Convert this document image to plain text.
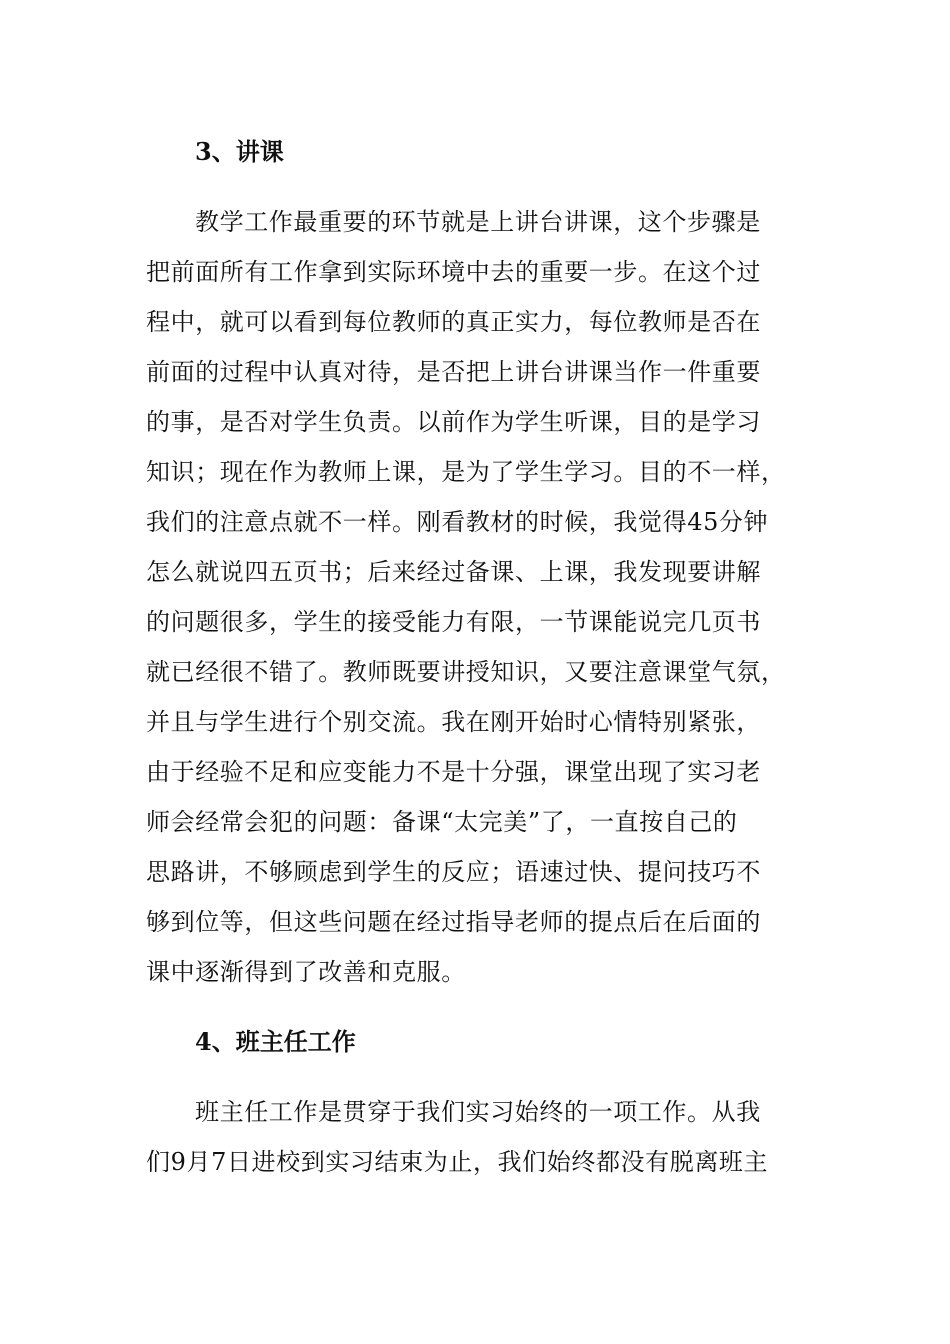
3、讲课

教学工作最重要的环节就是上讲台讲课，这个步骤是

把前面所有工作拿到实际环境中去的重要一步。在这个过

程中，就可以看到每位教师的真正实力，每位教师是否在

前面的过程中认真对待，是否把上讲台讲课当作一件重要

的事，是否对学生负责。以前作为学生听课，目的是学习

知识；现在作为教师上课，是为了学生学习。目的不一样，

我们的注意点就不一样。刚看教材的时候，我觉得45分钟

怎么就说四五页书；后来经过备课、上课，我发现要讲解

的问题很多，学生的接受能力有限，一节课能说完几页书

就已经很不错了。教师既要讲授知识，又要注意课堂气氛，

并且与学生进行个别交流。我在刚开始时心情特别紧张，

由于经验不足和应变能力不是十分强，课堂出现了实习老

师会经常会犯的问题：备课“太完美”了，一直按自己的

思路讲，不够顾虑到学生的反应；语速过快、提问技巧不

够到位等，但这些问题在经过指导老师的提点后在后面的

课中逐渐得到了改善和克服。

4、班主任工作

班主任工作是贯穿于我们实习始终的一项工作。从我

们9月7日进校到实习结束为止，我们始终都没有脱离班主
